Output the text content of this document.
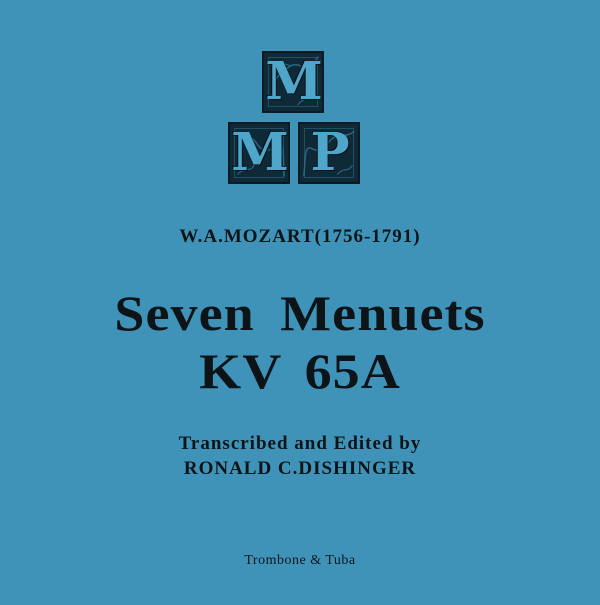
M
M P
W.A.MOZART(1756-1791)
Seven Menuets
KV 65A
Transcribed and Edited by
RONALD C.DISHINGER
Trombone & Tuba
